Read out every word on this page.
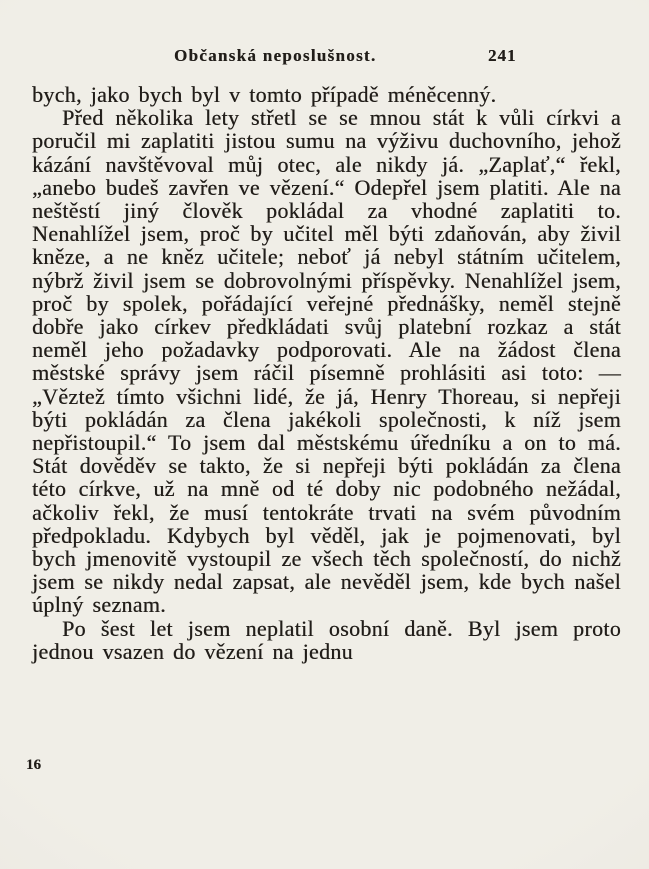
Občanská neposlušnost.	241

bych, jako bych byl v tomto případě méněcenný.

Před několika lety střetl se se mnou stát k vůli církvi a poručil mi zaplatiti jistou sumu na výživu duchovního, jehož kázání navštěvoval můj otec, ale nikdy já. „Zaplať,“ řekl, „anebo budeš zavřen ve vězení.“ Odepřel jsem platiti. Ale na neštěstí jiný člověk pokládal za vhodné zaplatiti to. Nenahlížel jsem, proč by učitel měl býti zdaňován, aby živil kněze, a ne kněz učitele; neboť já nebyl státním učitelem, nýbrž živil jsem se dobrovolnými příspěvky. Nenahlížel jsem, proč by spolek, pořádající veřejné přednášky, neměl stejně dobře jako církev předkládati svůj platební rozkaz a stát neměl jeho požadavky podporovati. Ale na žádost člena městské správy jsem ráčil písemně prohlásiti asi toto: — „Věztež tímto všichni lidé, že já, Henry Thoreau, si nepřeji býti pokládán za člena jakékoli společnosti, k níž jsem nepřistoupil.“ To jsem dal městskému úředníku a on to má. Stát dověděv se takto, že si nepřeji býti pokládán za člena této církve, už na mně od té doby nic podobného nežádal, ačkoliv řekl, že musí tentokráte trvati na svém původním předpokladu. Kdybych byl věděl, jak je pojmenovati, byl bych jmenovitě vystoupil ze všech těch společností, do nichž jsem se nikdy nedal zapsat, ale nevěděl jsem, kde bych našel úplný seznam.

Po šest let jsem neplatil osobní daně. Byl jsem proto jednou vsazen do vězení na jednu

16
